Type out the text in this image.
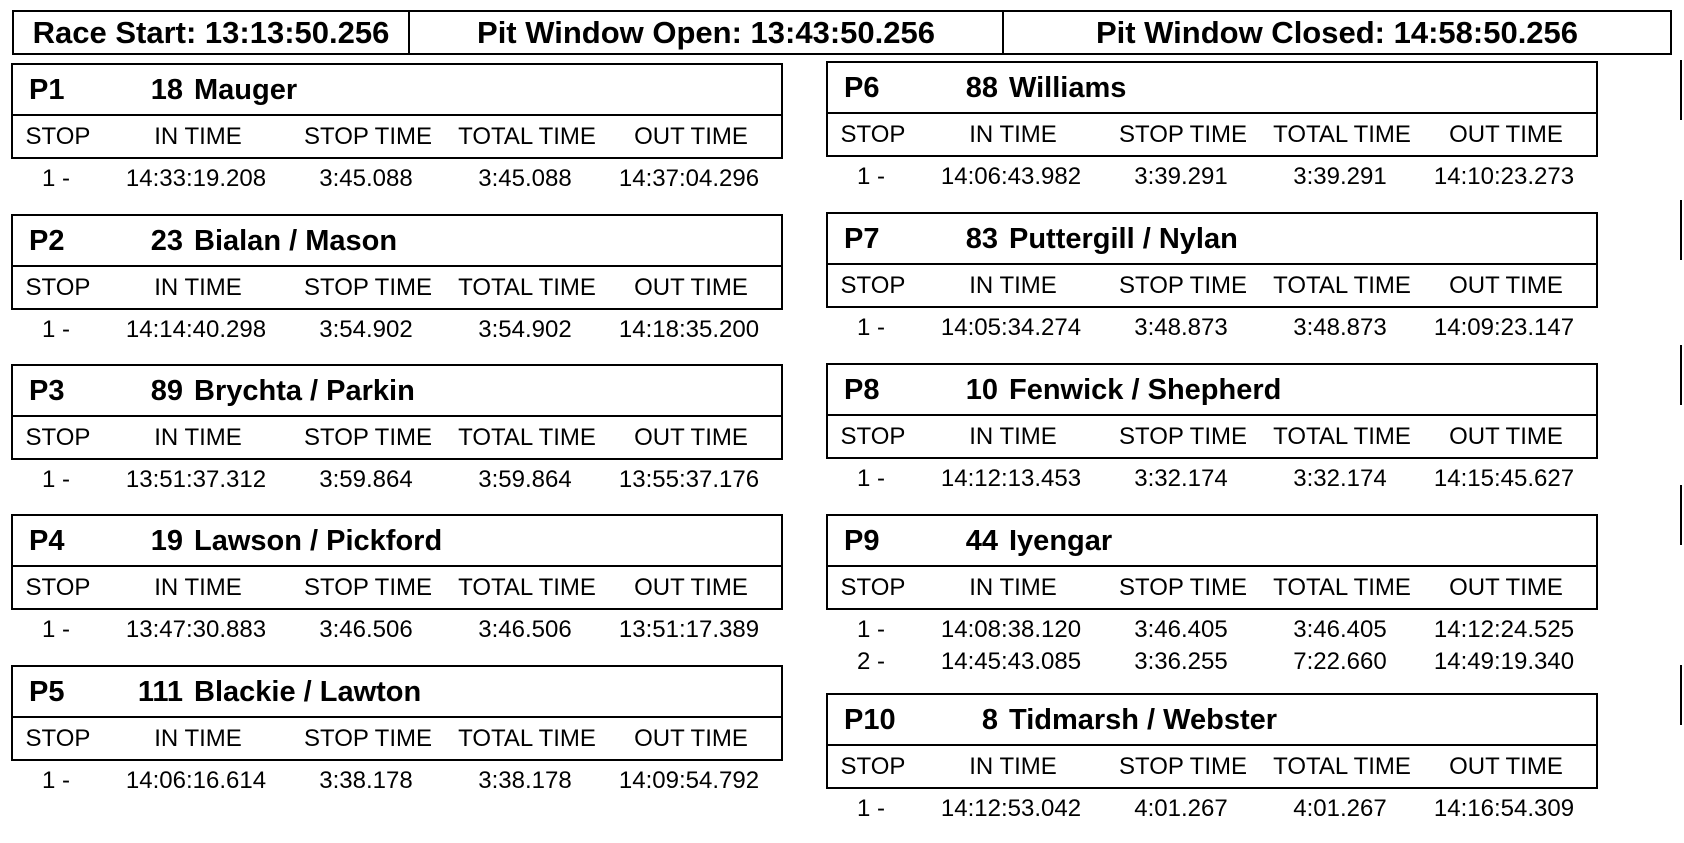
Race Start: 13:13:50.256	Pit Window Open: 13:43:50.256	Pit Window Closed: 14:58:50.256
P1	18 Mauger
STOP	IN TIME	STOP TIME	TOTAL TIME	OUT TIME
1 -	14:33:19.208	3:45.088	3:45.088	14:37:04.296
P2	23 Bialan / Mason
STOP	IN TIME	STOP TIME	TOTAL TIME	OUT TIME
1 -	14:14:40.298	3:54.902	3:54.902	14:18:35.200
P3	89 Brychta / Parkin
STOP	IN TIME	STOP TIME	TOTAL TIME	OUT TIME
1 -	13:51:37.312	3:59.864	3:59.864	13:55:37.176
P4	19 Lawson / Pickford
STOP	IN TIME	STOP TIME	TOTAL TIME	OUT TIME
1 -	13:47:30.883	3:46.506	3:46.506	13:51:17.389
P5	111 Blackie / Lawton
STOP	IN TIME	STOP TIME	TOTAL TIME	OUT TIME
1 -	14:06:16.614	3:38.178	3:38.178	14:09:54.792
P6	88 Williams
STOP	IN TIME	STOP TIME	TOTAL TIME	OUT TIME
1 -	14:06:43.982	3:39.291	3:39.291	14:10:23.273
P7	83 Puttergill / Nylan
STOP	IN TIME	STOP TIME	TOTAL TIME	OUT TIME
1 -	14:05:34.274	3:48.873	3:48.873	14:09:23.147
P8	10 Fenwick / Shepherd
STOP	IN TIME	STOP TIME	TOTAL TIME	OUT TIME
1 -	14:12:13.453	3:32.174	3:32.174	14:15:45.627
P9	44 Iyengar
STOP	IN TIME	STOP TIME	TOTAL TIME	OUT TIME
1 -	14:08:38.120	3:46.405	3:46.405	14:12:24.525
2 -	14:45:43.085	3:36.255	7:22.660	14:49:19.340
P10	8 Tidmarsh / Webster
STOP	IN TIME	STOP TIME	TOTAL TIME	OUT TIME
1 -	14:12:53.042	4:01.267	4:01.267	14:16:54.309
